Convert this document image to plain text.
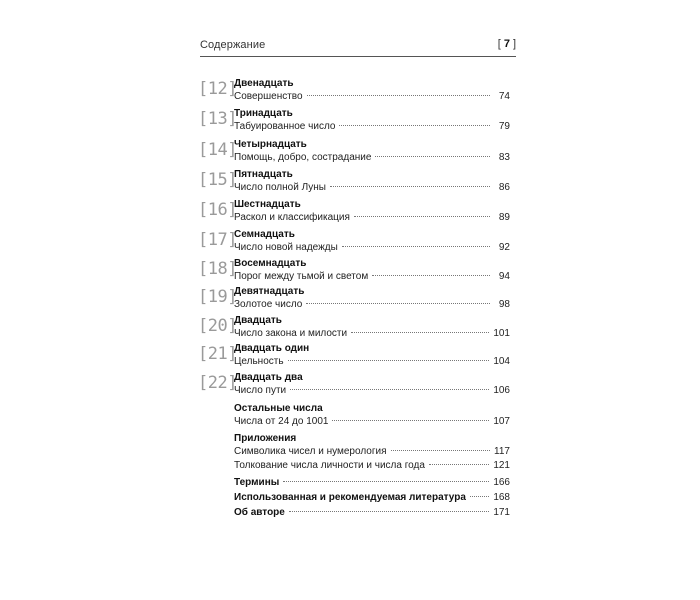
Содержание	[ 7 ]
[12]
Двенадцать
Совершенство	74
[13]
Тринадцать
Табуированное число	79
[14]
Четырнадцать
Помощь, добро, сострадание	83
[15]
Пятнадцать
Число полной Луны	86
[16]
Шестнадцать
Раскол и классификация	89
[17]
Семнадцать
Число новой надежды	92
[18]
Восемнадцать
Порог между тьмой и светом	94
[19]
Девятнадцать
Золотое число	98
[20]
Двадцать
Число закона и милости	101
[21]
Двадцать один
Цельность	104
[22]
Двадцать два
Число пути	106
Остальные числа
Числа от 24 до 1001	107
Приложения
Символика чисел и нумерология	117
Толкование числа личности и числа года	121
Термины	166
Использованная и рекомендуемая литература	168
Об авторе	171
